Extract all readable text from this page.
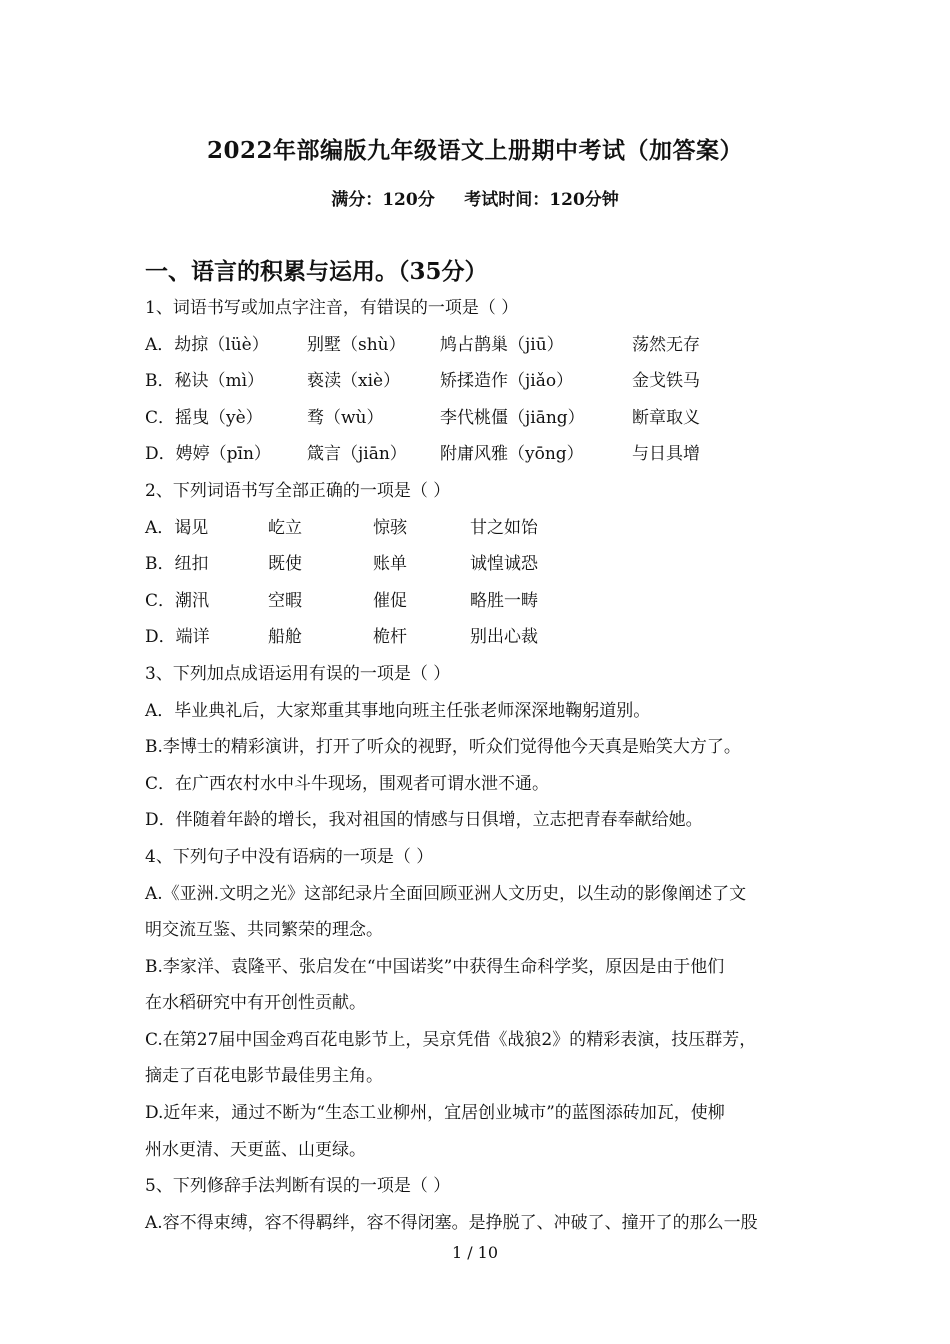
2022年部编版九年级语文上册期中考试（加答案）
满分：120分     考试时间：120分钟
一、语言的积累与运用。（35分）
1、词语书写或加点字注音，有错误的一项是（ ）
A．劫掠（lüè）	别墅（shù）	鸠占鹊巢（jiū）	荡然无存
B．秘诀（mì）	亵渎（xiè）	矫揉造作（jiǎo）	金戈铁马
C．摇曳（yè）	骛（wù）	李代桃僵（jiāng）	断章取义
D．娉婷（pīn）	箴言（jiān）	附庸风雅（yōng）	与日具增
2、下列词语书写全部正确的一项是（ ）
A．谒见	屹立	惊骇	甘之如饴
B．纽扣	既使	账单	诚惶诚恐
C．潮汛	空暇	催促	略胜一畴
D．端详	船舱	桅杆	别出心裁
3、下列加点成语运用有误的一项是（ ）
A．毕业典礼后，大家郑重其事地向班主任张老师深深地鞠躬道别。
B.李博士的精彩演讲，打开了听众的视野，听众们觉得他今天真是贻笑大方了。
C．在广西农村水中斗牛现场，围观者可谓水泄不通。
D．伴随着年龄的增长，我对祖国的情感与日俱增，立志把青春奉献给她。
4、下列句子中没有语病的一项是（ ）
A.《亚洲.文明之光》这部纪录片全面回顾亚洲人文历史，以生动的影像阐述了文
明交流互鉴、共同繁荣的理念。
B.李家洋、袁隆平、张启发在“中国诺奖”中获得生命科学奖，原因是由于他们
在水稻研究中有开创性贡献。
C.在第27届中国金鸡百花电影节上，吴京凭借《战狼2》的精彩表演，技压群芳，
摘走了百花电影节最佳男主角。
D.近年来，通过不断为“生态工业柳州，宜居创业城市”的蓝图添砖加瓦，使柳
州水更清、天更蓝、山更绿。
5、下列修辞手法判断有误的一项是（ ）
A.容不得束缚，容不得羁绊，容不得闭塞。是挣脱了、冲破了、撞开了的那么一股
1 / 10
